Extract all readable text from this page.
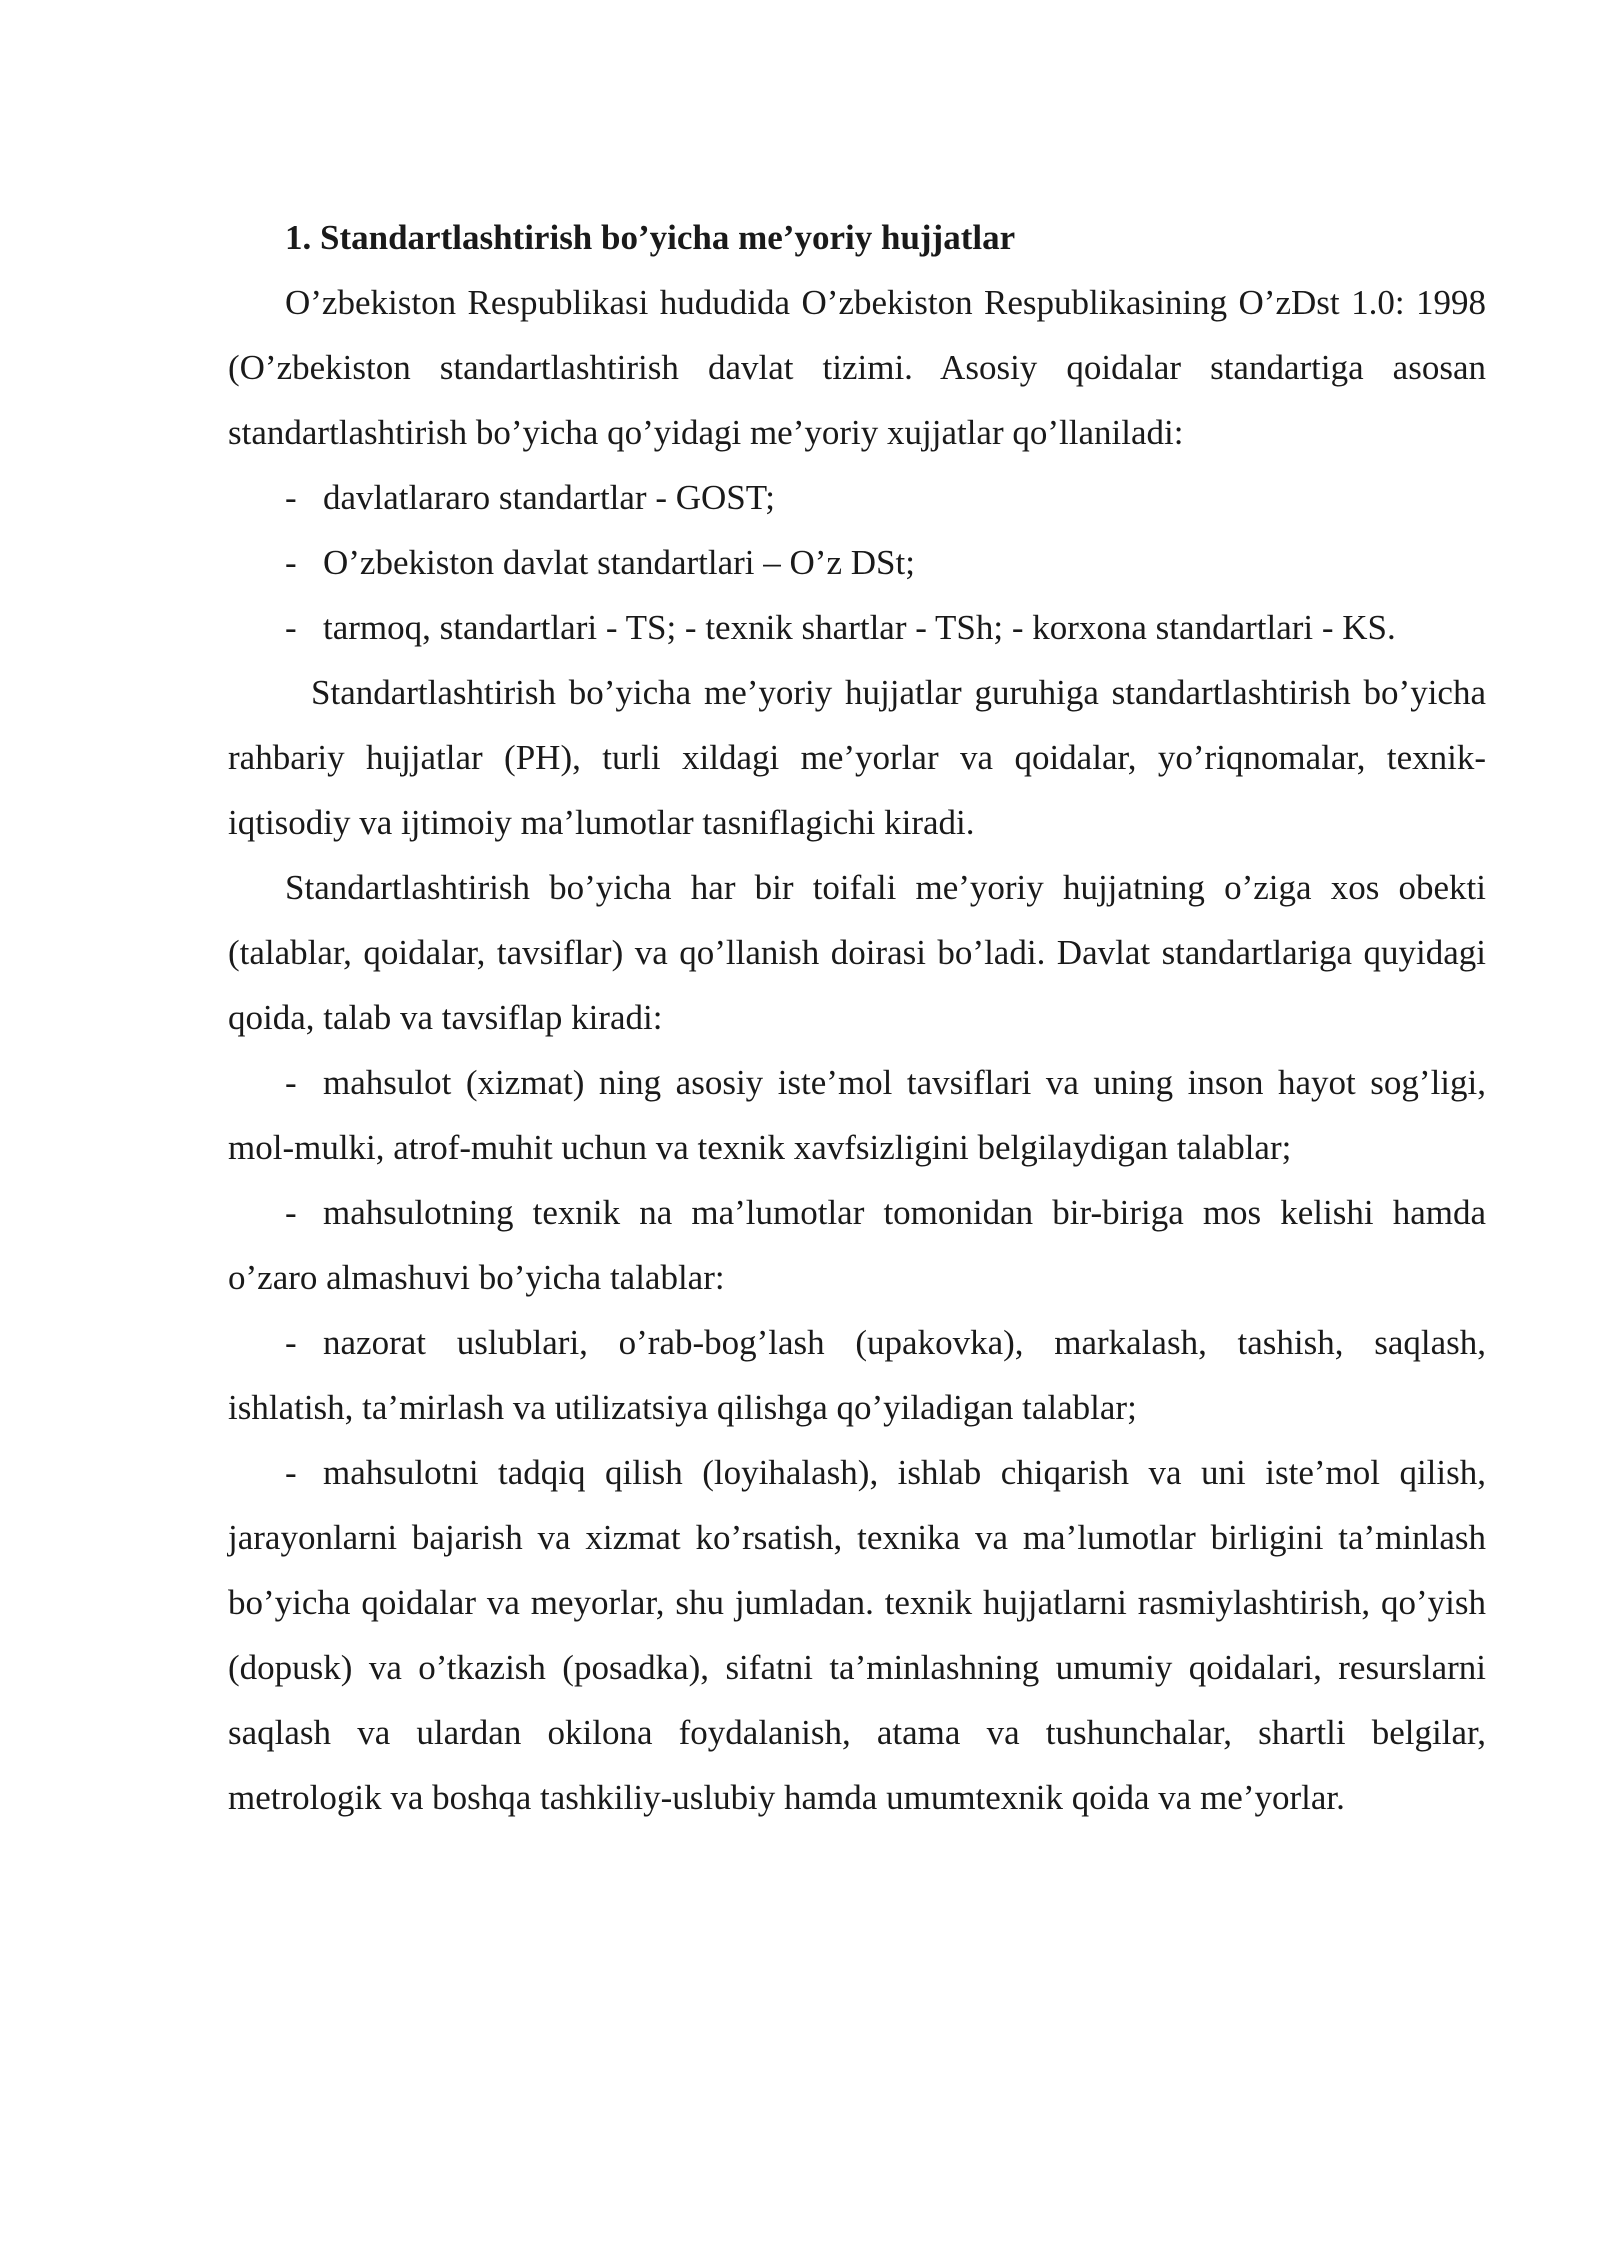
1. Standartlashtirish bo’yicha me’yoriy hujjatlar

O’zbekiston Respublikasi hududida O’zbekiston Respublikasining O’zDst 1.0: 1998 (O’zbekiston standartlashtirish davlat tizimi. Asosiy qoidalar standartiga asosan standartlashtirish bo’yicha qo’yidagi me’yoriy xujjatlar qo’llaniladi:

- davlatlararo standartlar - GOST;

- O’zbekiston davlat standartlari – O’z DSt;

- tarmoq, standartlari - TS; - texnik shartlar - TSh; - korxona standartlari - KS.

Standartlashtirish bo’yicha me’yoriy hujjatlar guruhiga standartlashtirish bo’yicha rahbariy hujjatlar (PH), turli xildagi me’yorlar va qoidalar, yo’riqnomalar, texnik-iqtisodiy va ijtimoiy ma’lumotlar tasniflagichi kiradi.

Standartlashtirish bo’yicha har bir toifali me’yoriy hujjatning o’ziga xos obekti (talablar, qoidalar, tavsiflar) va qo’llanish doirasi bo’ladi. Davlat standartlariga quyidagi qoida, talab va tavsiflap kiradi:

- mahsulot (xizmat) ning asosiy iste’mol tavsiflari va uning inson hayot sog’ligi, mol-mulki, atrof-muhit uchun va texnik xavfsizligini belgilaydigan talablar;

- mahsulotning texnik na ma’lumotlar tomonidan bir-biriga mos kelishi hamda o’zaro almashuvi bo’yicha talablar:

- nazorat uslublari, o’rab-bog’lash (upakovka), markalash, tashish, saqlash, ishlatish, ta’mirlash va utilizatsiya qilishga qo’yiladigan talablar;

- mahsulotni tadqiq qilish (loyihalash), ishlab chiqarish va uni iste’mol qilish, jarayonlarni bajarish va xizmat ko’rsatish, texnika va ma’lumotlar birligini ta’minlash bo’yicha qoidalar va meyorlar, shu jumladan. texnik hujjatlarni rasmiylashtirish, qo’yish (dopusk) va o’tkazish (posadka), sifatni ta’minlashning umumiy qoidalari, resurslarni saqlash va ulardan okilona foydalanish, atama va tushunchalar, shartli belgilar, metrologik va boshqa tashkiliy-uslubiy hamda umumtexnik qoida va me’yorlar.
